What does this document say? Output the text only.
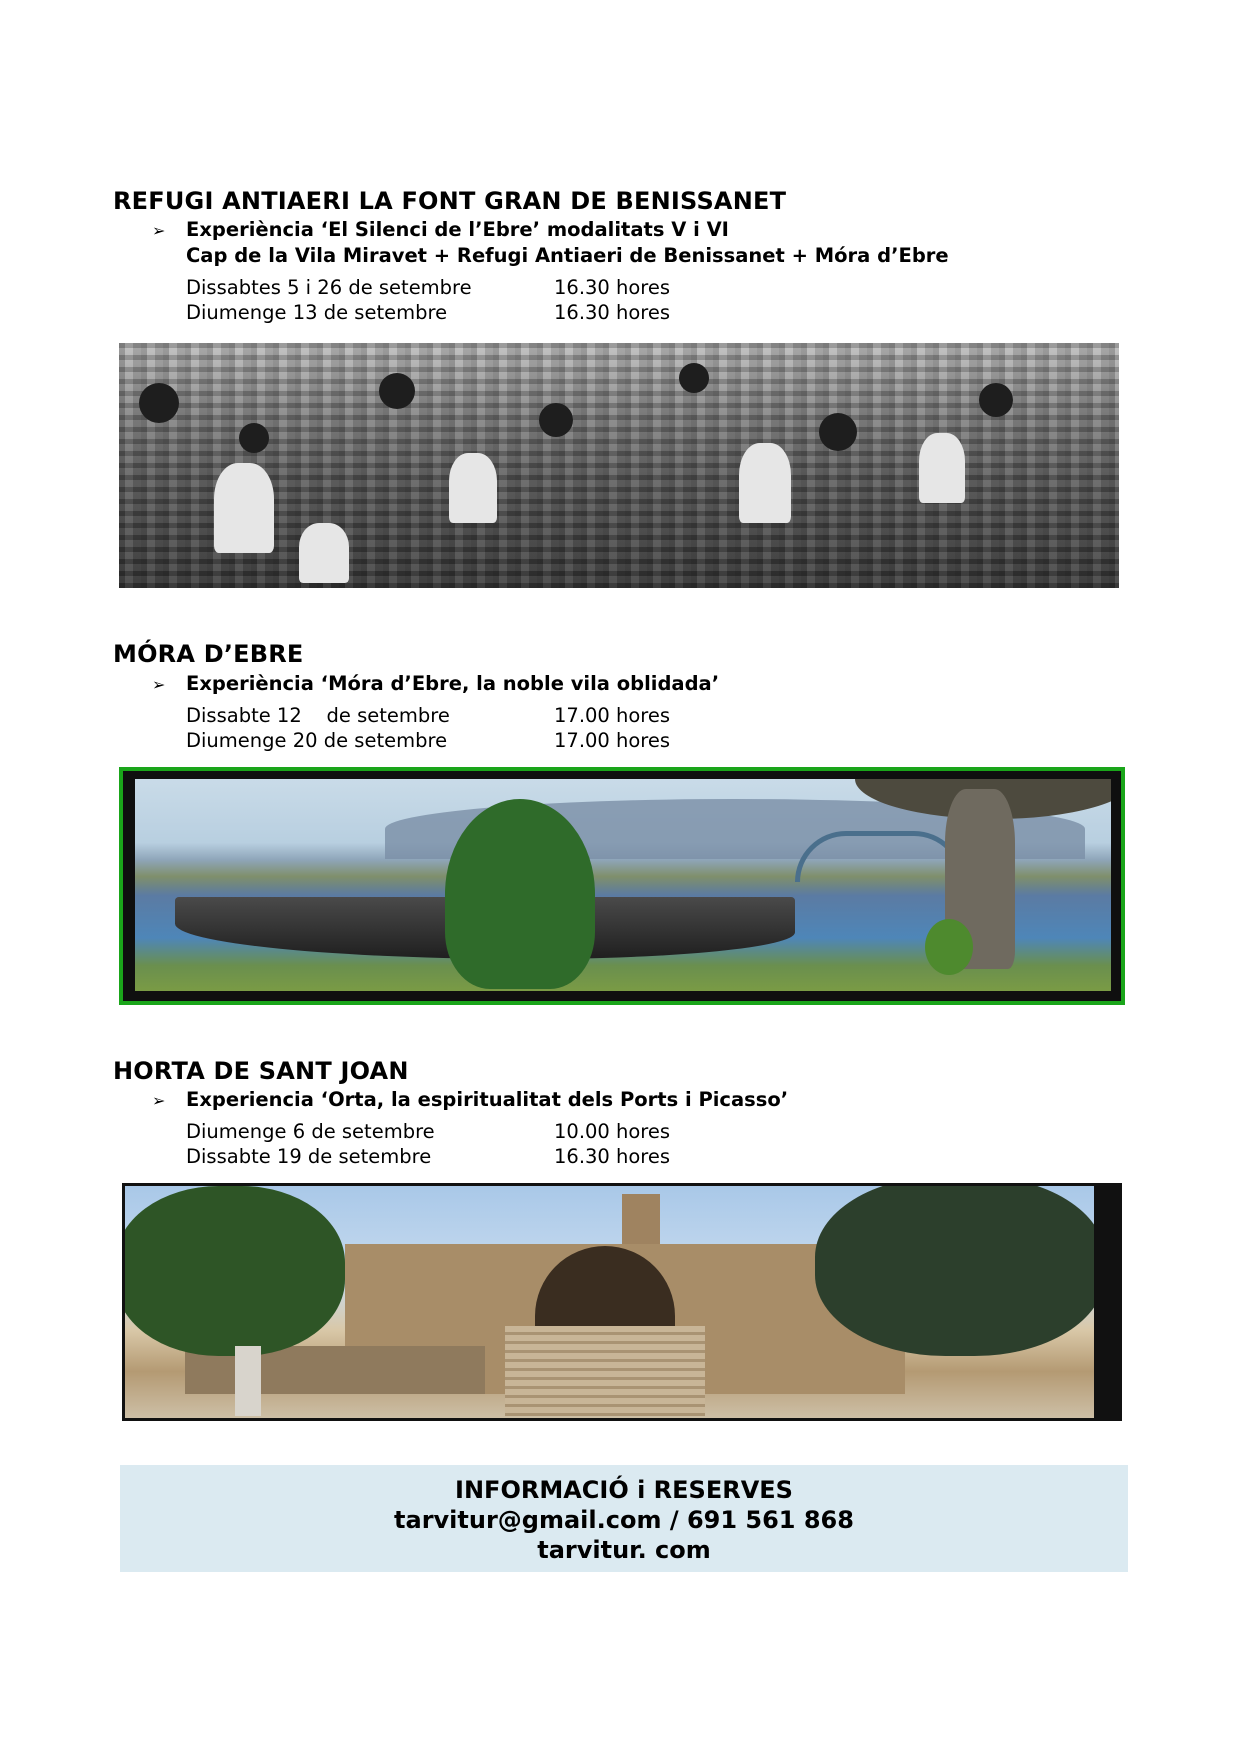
REFUGI ANTIAERI LA FONT GRAN DE BENISSANET
➢ Experiència ‘El Silenci de l’Ebre’ modalitats V i VI
Cap de la Vila Miravet + Refugi Antiaeri de Benissanet + Móra d’Ebre
Dissabtes 5 i 26 de setembre	16.30 hores
Diumenge 13 de setembre	16.30 hores
MÓRA D’EBRE
➢ Experiència ‘Móra d’Ebre, la noble vila oblidada’
Dissabte 12    de setembre	17.00 hores
Diumenge 20 de setembre	17.00 hores
HORTA DE SANT JOAN
➢ Experiencia ‘Orta, la espiritualitat dels Ports i Picasso’
Diumenge 6 de setembre	10.00 hores
Dissabte 19 de setembre	16.30 hores
INFORMACIÓ i RESERVES
tarvitur@gmail.com / 691 561 868
tarvitur. com
